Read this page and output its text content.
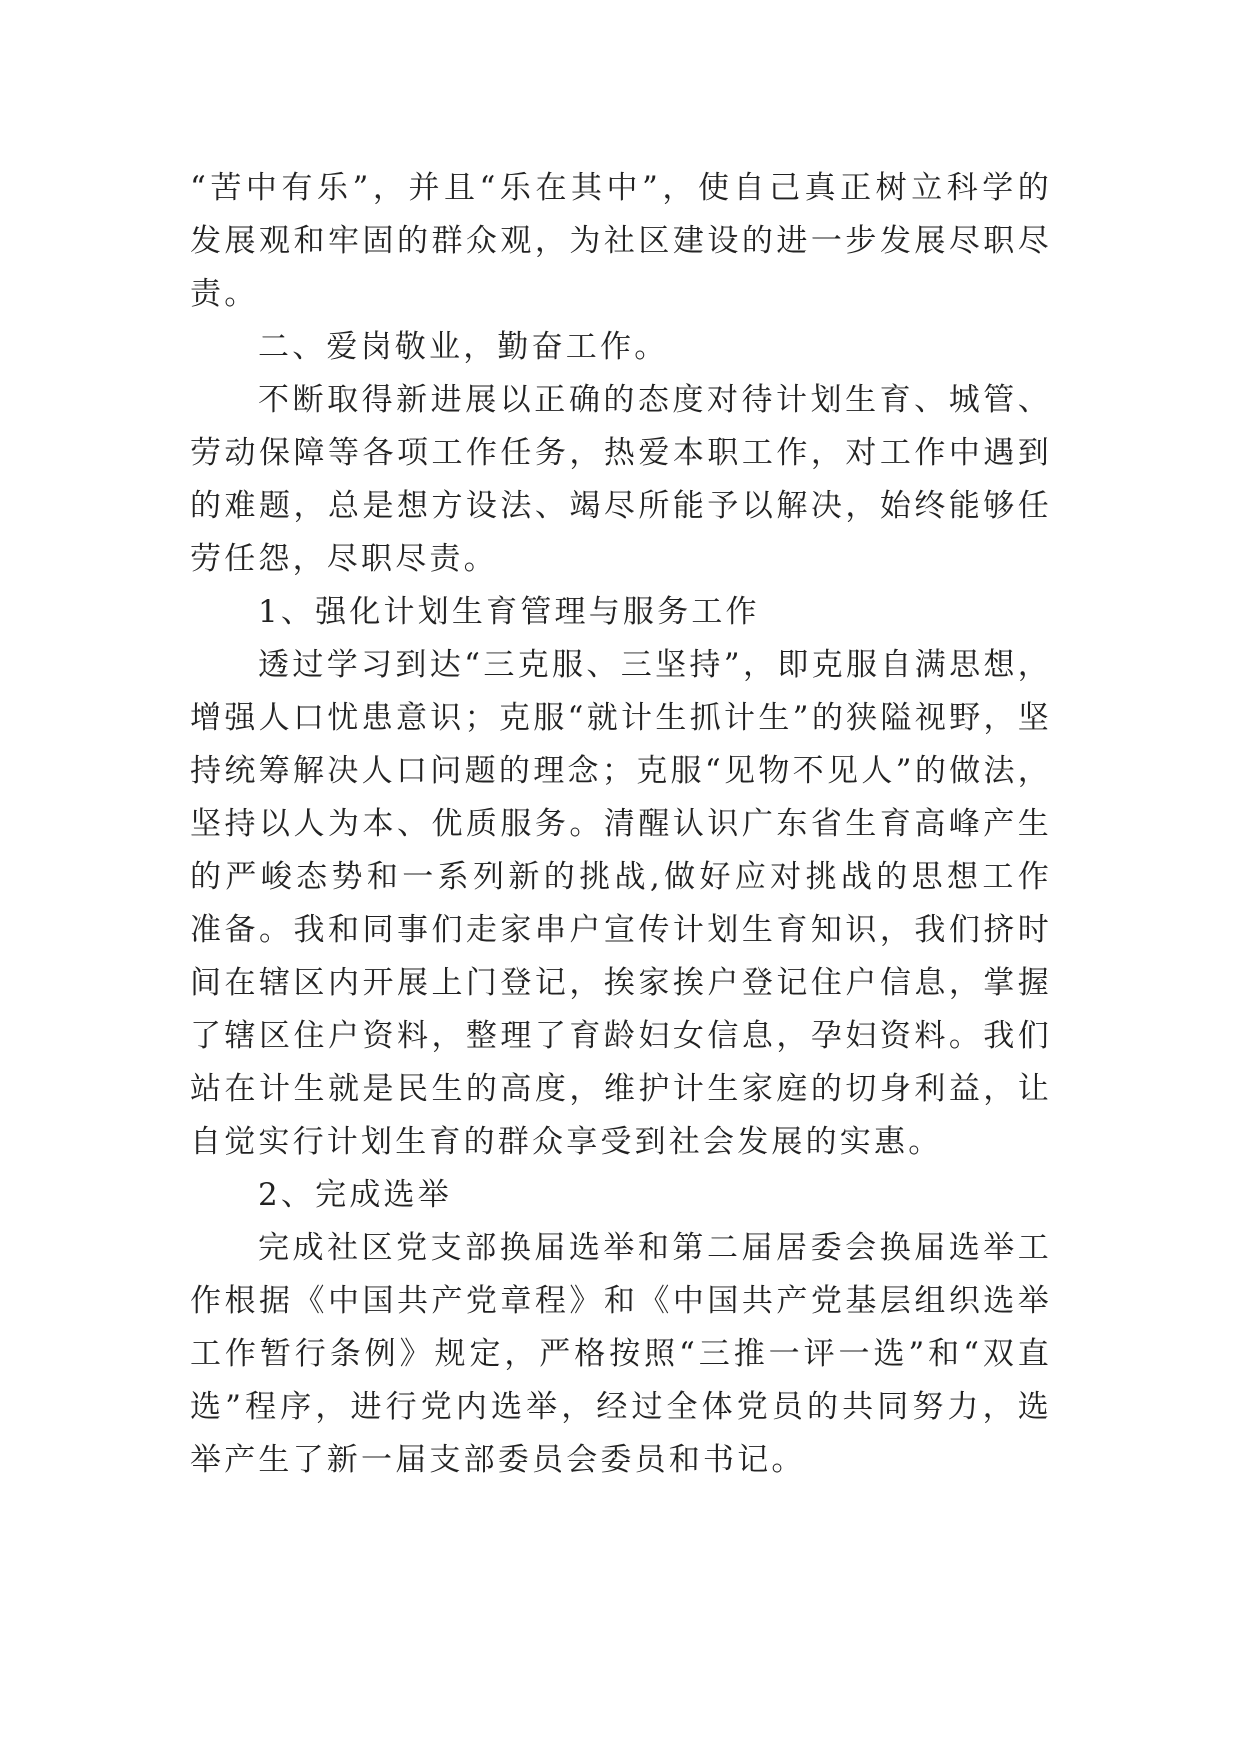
“苦中有乐”，并且“乐在其中”，使自己真正树立科学的发展观和牢固的群众观，为社区建设的进一步发展尽职尽责。

二、爱岗敬业，勤奋工作。

不断取得新进展以正确的态度对待计划生育、城管、劳动保障等各项工作任务，热爱本职工作，对工作中遇到的难题，总是想方设法、竭尽所能予以解决，始终能够任劳任怨，尽职尽责。

1、强化计划生育管理与服务工作

透过学习到达“三克服、三坚持”，即克服自满思想，增强人口忧患意识；克服“就计生抓计生”的狭隘视野，坚持统筹解决人口问题的理念；克服“见物不见人”的做法，坚持以人为本、优质服务。清醒认识广东省生育高峰产生的严峻态势和一系列新的挑战,做好应对挑战的思想工作准备。我和同事们走家串户宣传计划生育知识，我们挤时间在辖区内开展上门登记，挨家挨户登记住户信息，掌握了辖区住户资料，整理了育龄妇女信息，孕妇资料。我们站在计生就是民生的高度，维护计生家庭的切身利益，让自觉实行计划生育的群众享受到社会发展的实惠。

2、完成选举

完成社区党支部换届选举和第二届居委会换届选举工作根据《中国共产党章程》和《中国共产党基层组织选举工作暂行条例》规定，严格按照“三推一评一选”和“双直选”程序，进行党内选举，经过全体党员的共同努力，选举产生了新一届支部委员会委员和书记。
